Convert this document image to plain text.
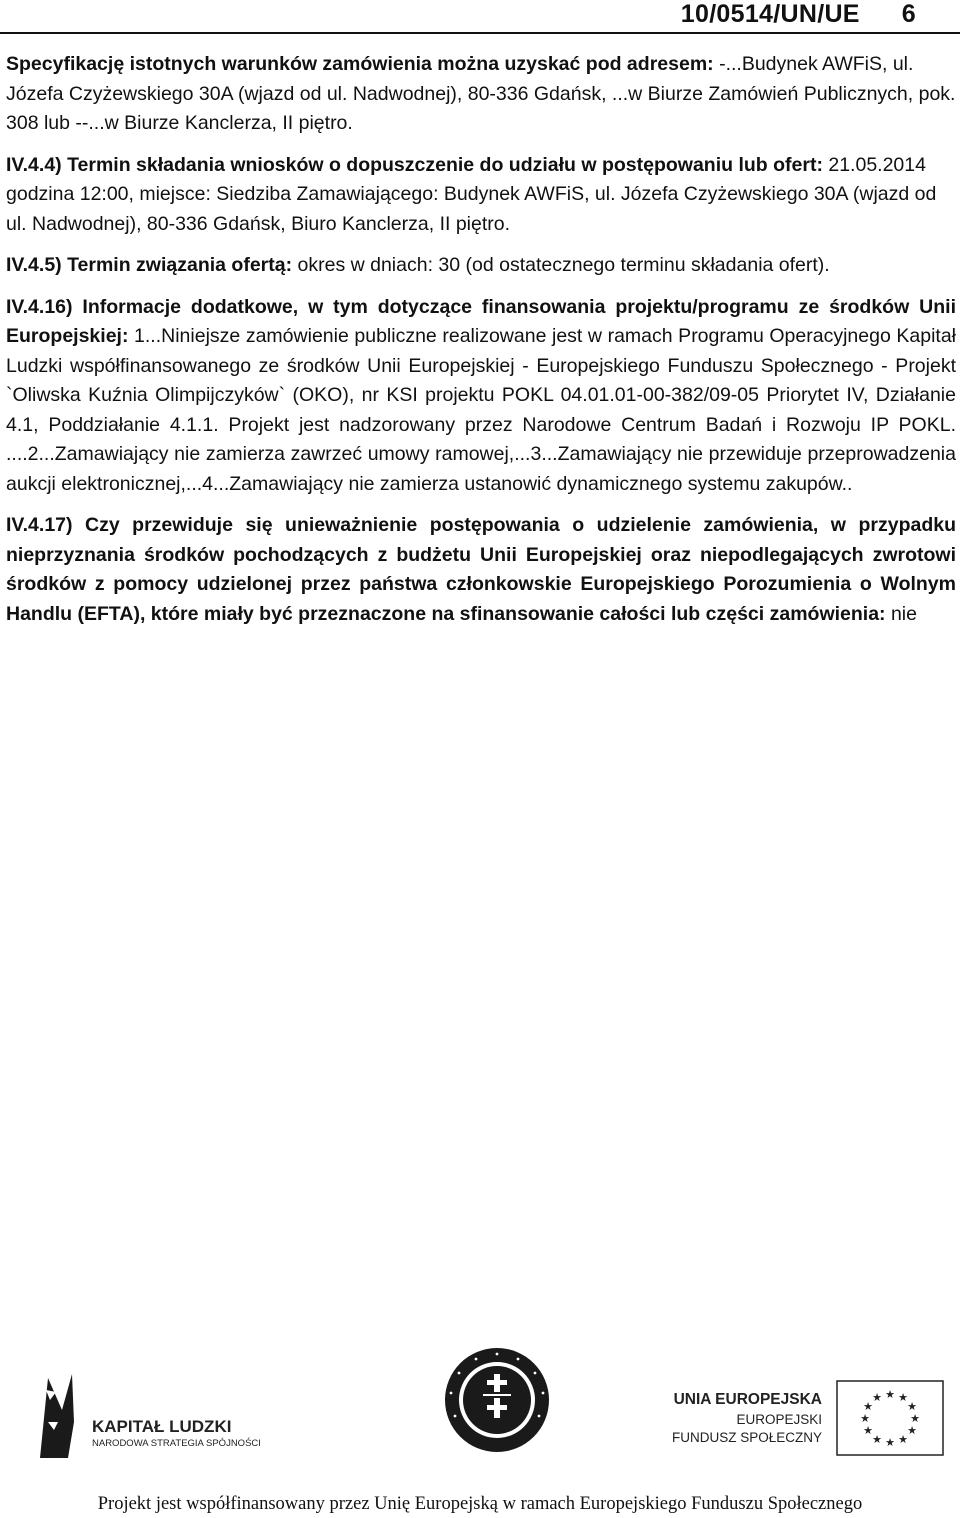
10/0514/UN/UE 6

Specyfikację istotnych warunków zamówienia można uzyskać pod adresem: -...Budynek AWFiS, ul. Józefa Czyżewskiego 30A (wjazd od ul. Nadwodnej), 80-336 Gdańsk, ...w Biurze Zamówień Publicznych, pok. 308 lub --...w Biurze Kanclerza, II piętro.

IV.4.4) Termin składania wniosków o dopuszczenie do udziału w postępowaniu lub ofert: 21.05.2014 godzina 12:00, miejsce: Siedziba Zamawiającego: Budynek AWFiS, ul. Józefa Czyżewskiego 30A (wjazd od ul. Nadwodnej), 80-336 Gdańsk, Biuro Kanclerza, II piętro.

IV.4.5) Termin związania ofertą: okres w dniach: 30 (od ostatecznego terminu składania ofert).

IV.4.16) Informacje dodatkowe, w tym dotyczące finansowania projektu/programu ze środków Unii Europejskiej: 1...Niniejsze zamówienie publiczne realizowane jest w ramach Programu Operacyjnego Kapitał Ludzki współfinansowanego ze środków Unii Europejskiej - Europejskiego Funduszu Społecznego - Projekt `Oliwska Kuźnia Olimpijczyków` (OKO), nr KSI projektu POKL 04.01.01-00-382/09-05 Priorytet IV, Działanie 4.1, Poddziałanie 4.1.1. Projekt jest nadzorowany przez Narodowe Centrum Badań i Rozwoju IP POKL. ....2...Zamawiający nie zamierza zawrzeć umowy ramowej,...3...Zamawiający nie przewiduje przeprowadzenia aukcji elektronicznej,...4...Zamawiający nie zamierza ustanowić dynamicznego systemu zakupów..

IV.4.17) Czy przewiduje się unieważnienie postępowania o udzielenie zamówienia, w przypadku nieprzyznania środków pochodzących z budżetu Unii Europejskiej oraz niepodlegających zwrotowi środków z pomocy udzielonej przez państwa członkowskie Europejskiego Porozumienia o Wolnym Handlu (EFTA), które miały być przeznaczone na sfinansowanie całości lub części zamówienia: nie

KAPITAŁ LUDZKI
NARODOWA STRATEGIA SPÓJNOŚCI
UNIA EUROPEJSKA
EUROPEJSKI
FUNDUSZ SPOŁECZNY
★ ★
★
★
★
★
★
★
★
★
★
★
Projekt jest współfinansowany przez Unię Europejską w ramach Europejskiego Funduszu Społecznego
